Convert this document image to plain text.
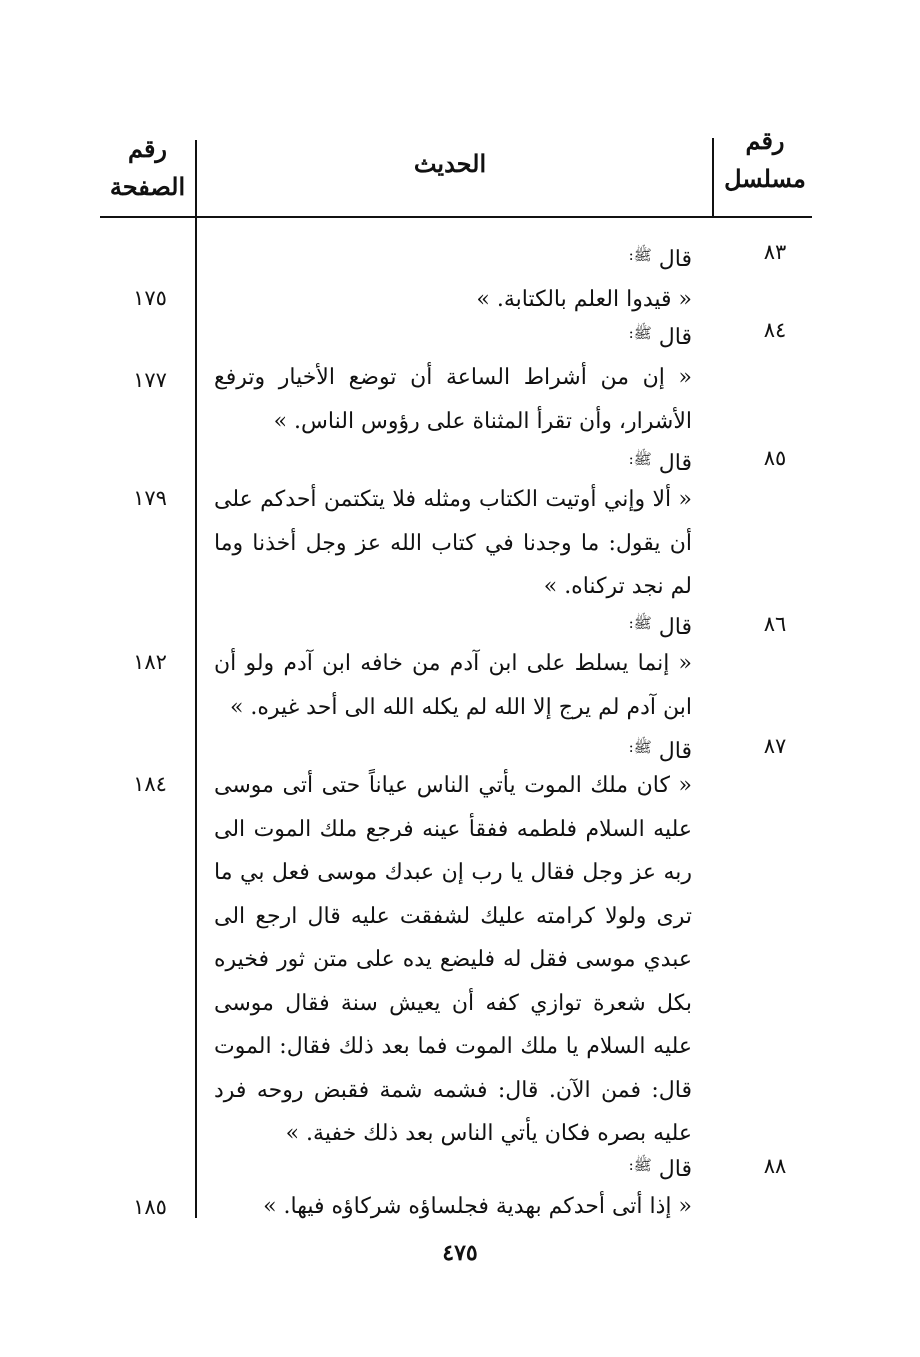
رقم مسلسل
الحديث
رقم الصفحة
٨٣
قال $^{ﷺ:}$
« قيدوا العلم بالكتابة. »
١٧٥
٨٤
قال $^{ﷺ:}$
« إن من أشراط الساعة أن توضع الأخيار وترفع الأشرار، وأن تقرأ المثناة على رؤوس الناس. »
١٧٧
٨٥
قال $^{ﷺ:}$
« ألا وإني أوتيت الكتاب ومثله فلا يتكتمن أحدكم على أن يقول: ما وجدنا في كتاب الله عز وجل أخذنا وما لم نجد تركناه. »
١٧٩
٨٦
قال $^{ﷺ:}$
« إنما يسلط على ابن آدم من خافه ابن آدم ولو أن ابن آدم لم يرج إلا الله لم يكله الله الى أحد غيره. »
١٨٢
٨٧
قال $^{ﷺ:}$
« كان ملك الموت يأتي الناس عياناً حتى أتى موسى عليه السلام فلطمه ففقأ عينه فرجع ملك الموت الى ربه عز وجل فقال يا رب إن عبدك موسى فعل بي ما ترى ولولا كرامته عليك لشفقت عليه قال ارجع الى عبدي موسى فقل له فليضع يده على متن ثور فخيره بكل شعرة توازي كفه أن يعيش سنة فقال موسى عليه السلام يا ملك الموت فما بعد ذلك فقال: الموت قال: فمن الآن. قال: فشمه شمة فقبض روحه فرد عليه بصره فكان يأتي الناس بعد ذلك خفية. »
١٨٤
٨٨
قال $^{ﷺ:}$
« إذا أتى أحدكم بهدية فجلساؤه شركاؤه فيها. »
١٨٥
٤٧٥
